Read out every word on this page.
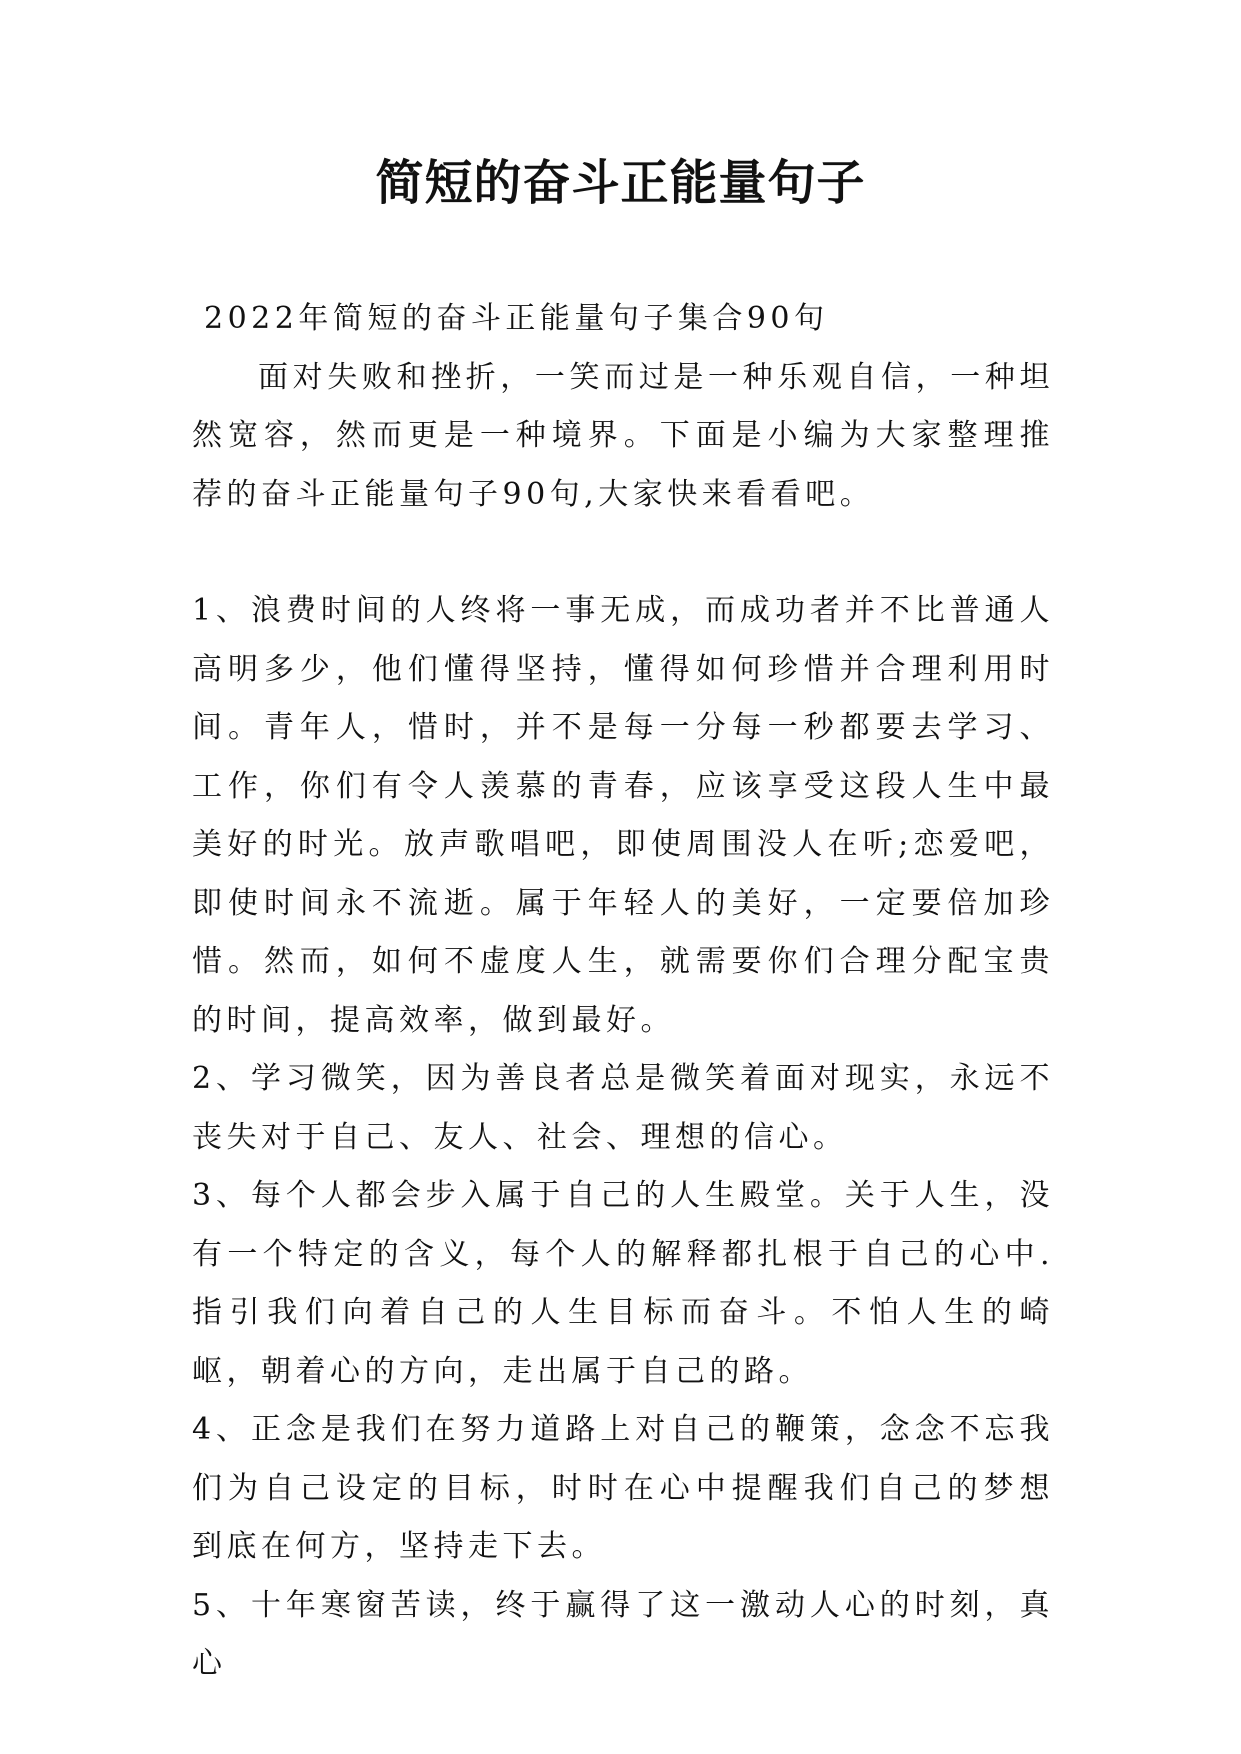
简短的奋斗正能量句子

2022年简短的奋斗正能量句子集合90句

面对失败和挫折，一笑而过是一种乐观自信，一种坦然宽容，然而更是一种境界。下面是小编为大家整理推荐的奋斗正能量句子90句,大家快来看看吧。

1、浪费时间的人终将一事无成，而成功者并不比普通人高明多少，他们懂得坚持，懂得如何珍惜并合理利用时间。青年人，惜时，并不是每一分每一秒都要去学习、工作，你们有令人羡慕的青春，应该享受这段人生中最美好的时光。放声歌唱吧，即使周围没人在听;恋爱吧，即使时间永不流逝。属于年轻人的美好，一定要倍加珍惜。然而，如何不虚度人生，就需要你们合理分配宝贵的时间，提高效率，做到最好。

2、学习微笑，因为善良者总是微笑着面对现实，永远不丧失对于自己、友人、社会、理想的信心。

3、每个人都会步入属于自己的人生殿堂。关于人生，没有一个特定的含义，每个人的解释都扎根于自己的心中.指引我们向着自己的人生目标而奋斗。不怕人生的崎岖，朝着心的方向，走出属于自己的路。

4、正念是我们在努力道路上对自己的鞭策，念念不忘我们为自己设定的目标，时时在心中提醒我们自己的梦想到底在何方，坚持走下去。

5、十年寒窗苦读，终于赢得了这一激动人心的时刻，真心
